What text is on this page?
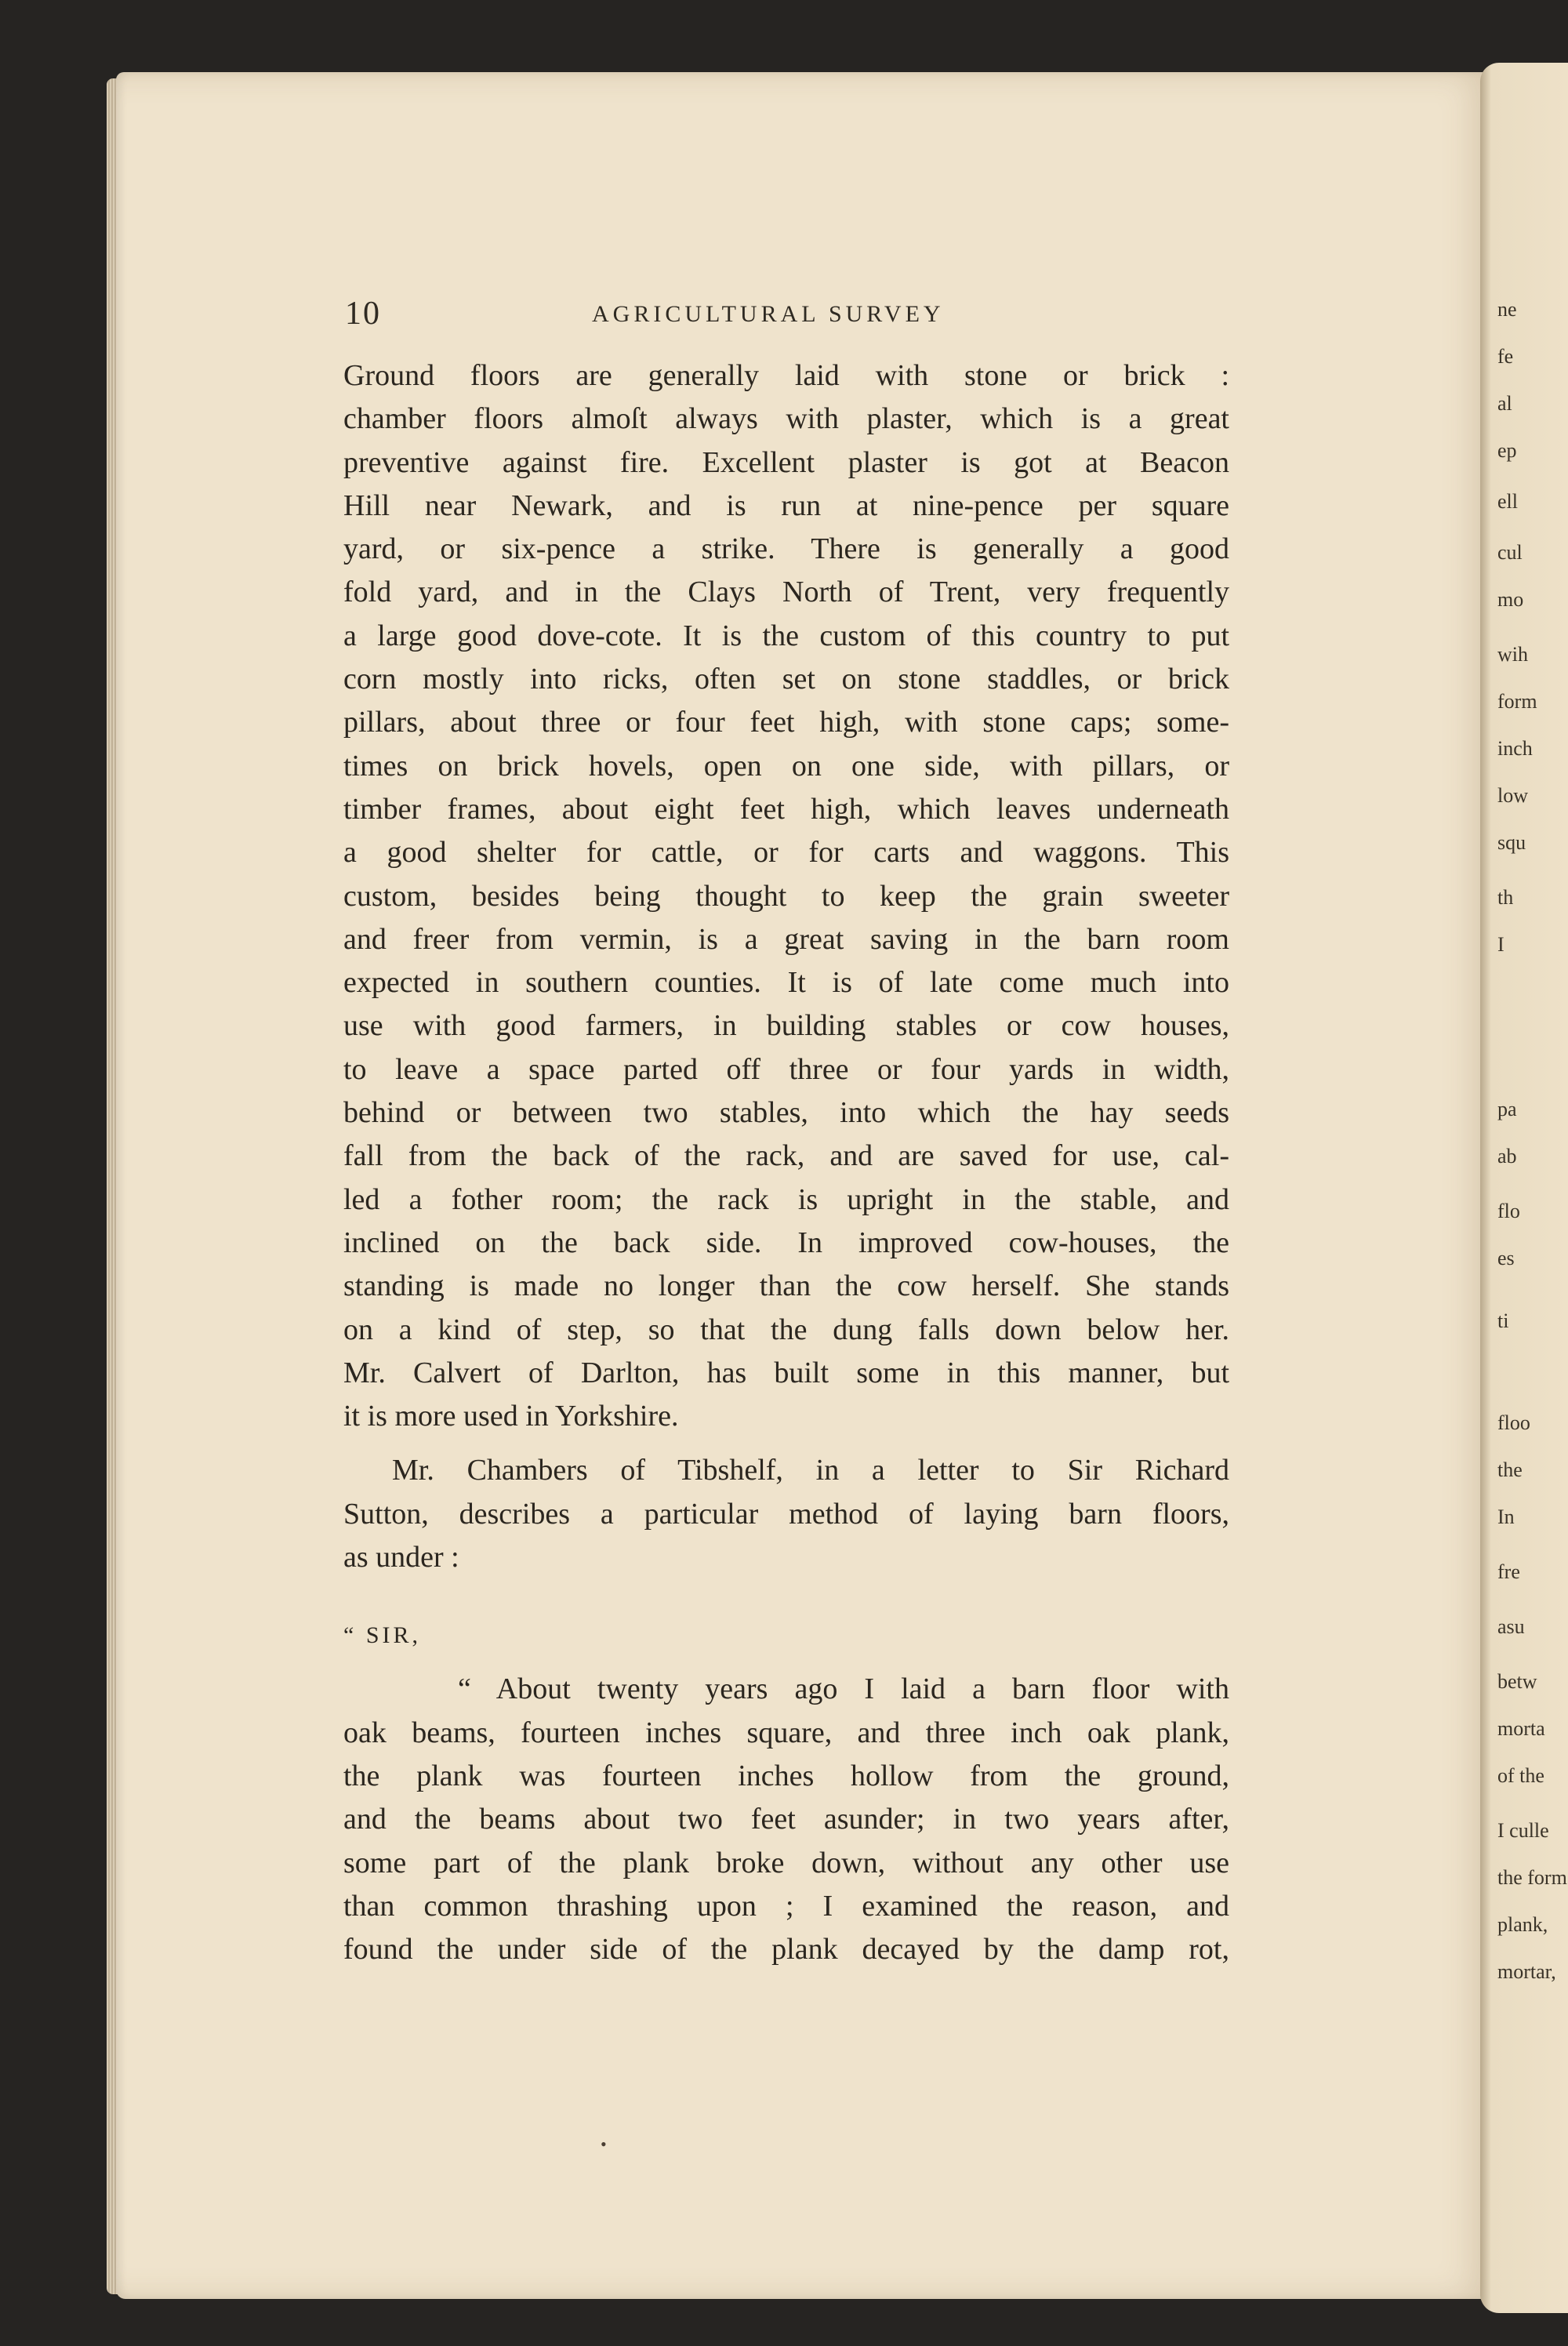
ne
fe
al
ep
ell
cul
mo
wih
form
inch
low
squ
th
I
pa
ab
flo
es
ti
floo
the
In
fre
asu
betw
morta
of the
I culle
the form
plank,
mortar,
10	AGRICULTURAL SURVEY
Ground floors are generally laid with stone or brick :
chamber floors almoſt always with plaster, which is a great
preventive against fire. Excellent plaster is got at Beacon
Hill near Newark, and is run at nine-pence per square
yard, or six-pence a strike. There is generally a good
fold yard, and in the Clays North of Trent, very frequently
a large good dove-cote. It is the custom of this country to put
corn mostly into ricks, often set on stone staddles, or brick
pillars, about three or four feet high, with stone caps; some-
times on brick hovels, open on one side, with pillars, or
timber frames, about eight feet high, which leaves underneath
a good shelter for cattle, or for carts and waggons. This
custom, besides being thought to keep the grain sweeter
and freer from vermin, is a great saving in the barn room
expected in southern counties. It is of late come much into
use with good farmers, in building stables or cow houses,
to leave a space parted off three or four yards in width,
behind or between two stables, into which the hay seeds
fall from the back of the rack, and are saved for use, cal-
led a fother room; the rack is upright in the stable, and
inclined on the back side. In improved cow-houses, the
standing is made no longer than the cow herself. She stands
on a kind of step, so that the dung falls down below her.
Mr. Calvert of Darlton, has built some in this manner, but
it is more used in Yorkshire.
Mr. Chambers of Tibshelf, in a letter to Sir Richard
Sutton, describes a particular method of laying barn floors,
as under :
“ SIR,
“ About twenty years ago I laid a barn floor with
oak beams, fourteen inches square, and three inch oak plank,
the plank was fourteen inches hollow from the ground,
and the beams about two feet asunder; in two years after,
some part of the plank broke down, without any other use
than common thrashing upon ; I examined the reason, and
found the under side of the plank decayed by the damp rot,
•
